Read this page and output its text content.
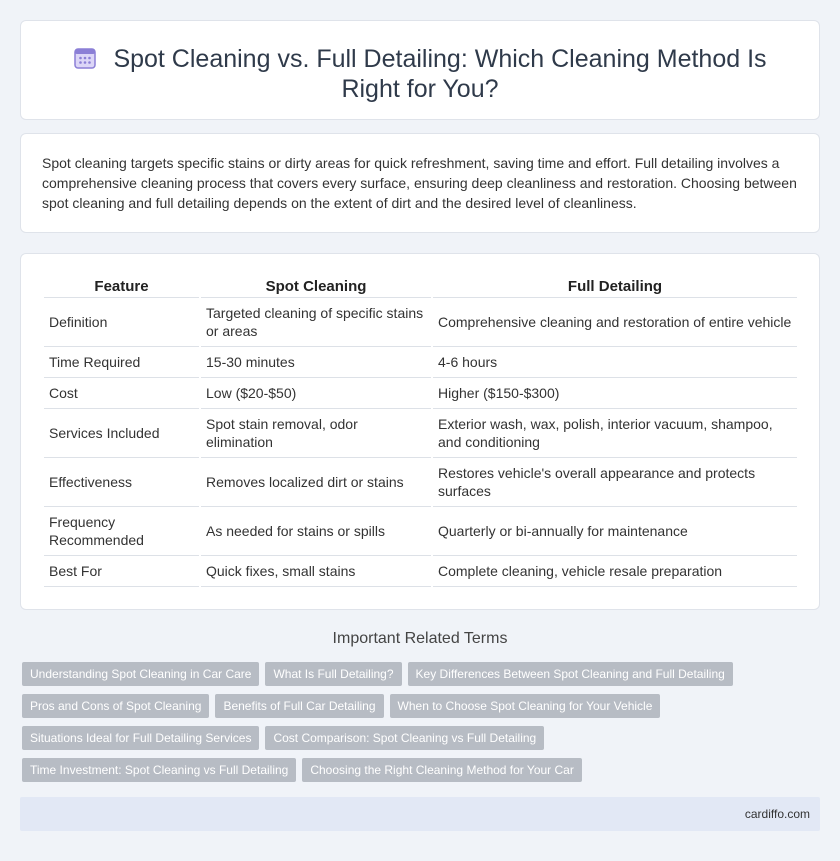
Spot Cleaning vs. Full Detailing: Which Cleaning Method Is Right for You?

Spot cleaning targets specific stains or dirty areas for quick refreshment, saving time and effort. Full detailing involves a comprehensive cleaning process that covers every surface, ensuring deep cleanliness and restoration. Choosing between spot cleaning and full detailing depends on the extent of dirt and the desired level of cleanliness.

Feature	Spot Cleaning	Full Detailing
Definition	Targeted cleaning of specific stains or areas	Comprehensive cleaning and restoration of entire vehicle
Time Required	15-30 minutes	4-6 hours
Cost	Low ($20-$50)	Higher ($150-$300)
Services Included	Spot stain removal, odor elimination	Exterior wash, wax, polish, interior vacuum, shampoo, and conditioning
Effectiveness	Removes localized dirt or stains	Restores vehicle's overall appearance and protects surfaces
Frequency Recommended	As needed for stains or spills	Quarterly or bi-annually for maintenance
Best For	Quick fixes, small stains	Complete cleaning, vehicle resale preparation
Important Related Terms
Understanding Spot Cleaning in Car Care What Is Full Detailing? Key Differences Between Spot Cleaning and Full Detailing
Pros and Cons of Spot Cleaning Benefits of Full Car Detailing When to Choose Spot Cleaning for Your Vehicle
Situations Ideal for Full Detailing Services Cost Comparison: Spot Cleaning vs Full Detailing
Time Investment: Spot Cleaning vs Full Detailing Choosing the Right Cleaning Method for Your Car
cardiffo.com
